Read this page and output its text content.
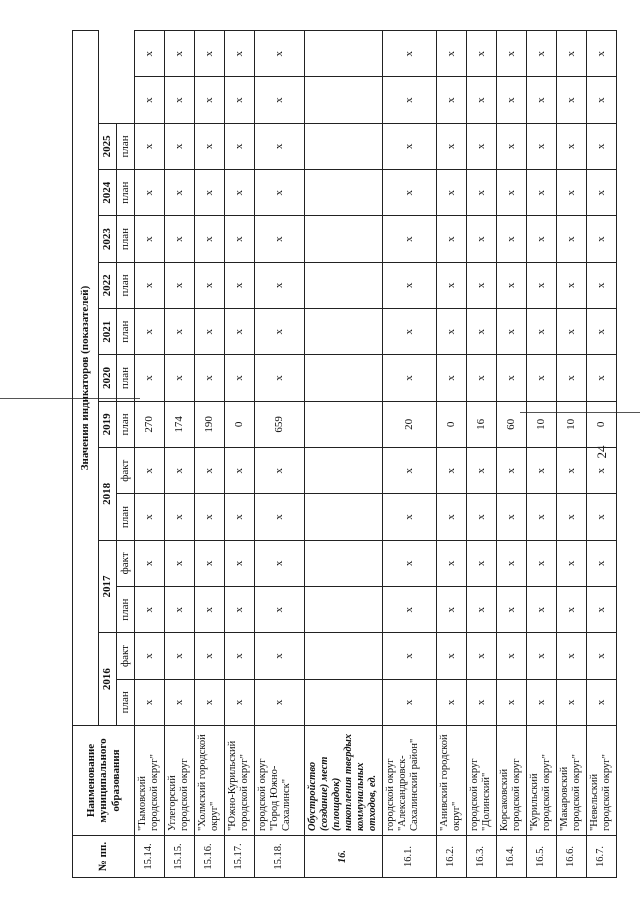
24
№ пп.	Наименование муниципального образования	Значения индикаторов (показателей)														
		2016		2017		2018		2019	2020	2021	2022	2023	2024	2025		
		план	факт	план	факт	план	факт	план	план	план	план	план	план	план		
15.14.	"Тымовский городской округ"	x	x	x	x	x	x	270	x	x	x	x	x	x	x	x
15.15.	Углегорский городской округ	x	x	x	x	x	x	174	x	x	x	x	x	x	x	x
15.16.	"Холмский городской округ"	x	x	x	x	x	x	190	x	x	x	x	x	x	x	x
15.17.	"Южно-Курильский городской округ"	x	x	x	x	x	x	0	x	x	x	x	x	x	x	x
15.18.	городской округ "Город Южно-Сахалинск"	x	x	x	x	x	x	659	x	x	x	x	x	x	x	x
16.	Обустройство (создание) мест (площадок) накопления твердых коммунальных отходов, ед.															
16.1.	городской округ "Александровск-Сахалинский район"	x	x	x	x	x	x	20	x	x	x	x	x	x	x	x
16.2.	"Анивский городской округ"	x	x	x	x	x	x	0	x	x	x	x	x	x	x	x
16.3.	городской округ "Долинский"	x	x	x	x	x	x	16	x	x	x	x	x	x	x	x
16.4.	Корсаковский городской округ	x	x	x	x	x	x	60	x	x	x	x	x	x	x	x
16.5.	"Курильский городской округ"	x	x	x	x	x	x	10	x	x	x	x	x	x	x	x
16.6.	"Макаровский городской округ"	x	x	x	x	x	x	10	x	x	x	x	x	x	x	x
16.7.	"Невельский городской округ"	x	x	x	x	x	x	0	x	x	x	x	x	x	x	x
